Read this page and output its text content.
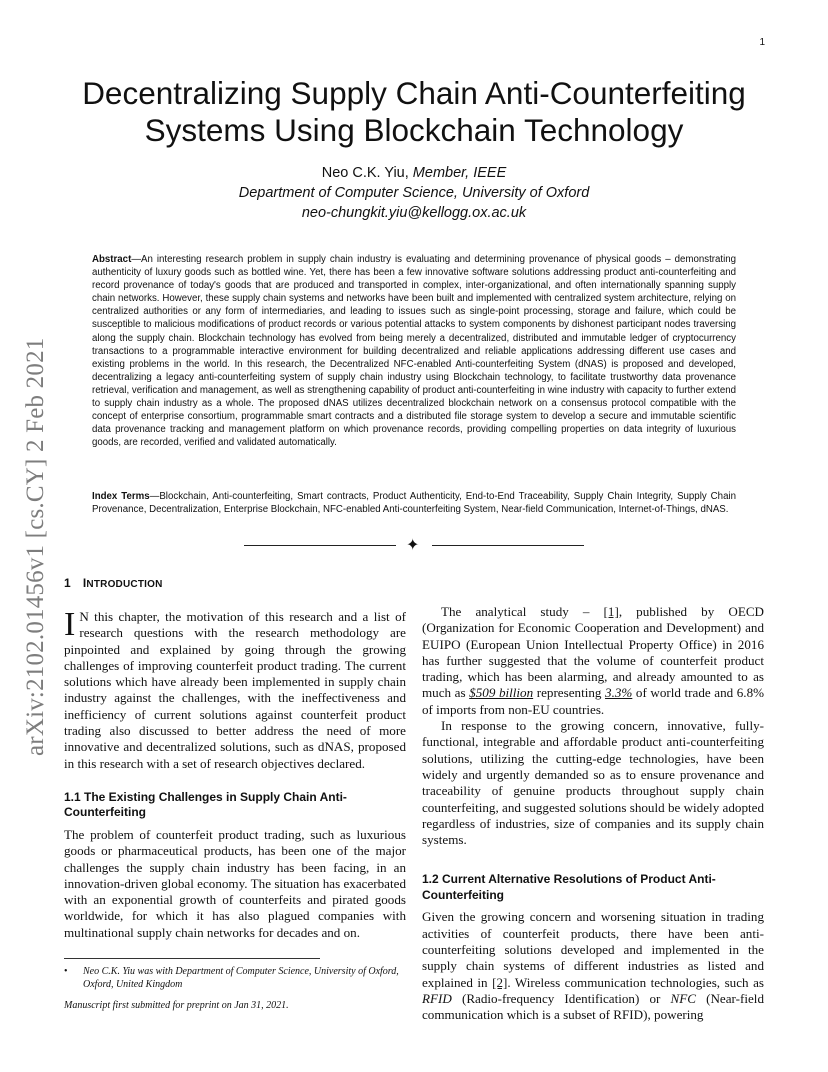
1
arXiv:2102.01456v1 [cs.CY] 2 Feb 2021
Decentralizing Supply Chain Anti-Counterfeiting
Systems Using Blockchain Technology
Neo C.K. Yiu, Member, IEEE
Department of Computer Science, University of Oxford
neo-chungkit.yiu@kellogg.ox.ac.uk
Abstract—An interesting research problem in supply chain industry is evaluating and determining provenance of physical goods – demonstrating authenticity of luxury goods such as bottled wine. Yet, there has been a few innovative software solutions addressing product anti-counterfeiting and record provenance of today's goods that are produced and transported in complex, inter-organizational, and often internationally spanning supply chain networks. However, these supply chain systems and networks have been built and implemented with centralized system architecture, relying on centralized authorities or any form of intermediaries, and leading to issues such as single-point processing, storage and failure, which could be susceptible to malicious modifications of product records or various potential attacks to system components by dishonest participant nodes traversing along the supply chain. Blockchain technology has evolved from being merely a decentralized, distributed and immutable ledger of cryptocurrency transactions to a programmable interactive environment for building decentralized and reliable applications addressing different use cases and existing problems in the world. In this research, the Decentralized NFC-enabled Anti-counterfeiting System (dNAS) is proposed and developed, decentralizing a legacy anti-counterfeiting system of supply chain industry using Blockchain technology, to facilitate trustworthy data provenance retrieval, verification and management, as well as strengthening capability of product anti-counterfeiting in wine industry with capacity to further extend to supply chain industry as a whole. The proposed dNAS utilizes decentralized blockchain network on a consensus protocol compatible with the concept of enterprise consortium, programmable smart contracts and a distributed file storage system to develop a secure and immutable scientific data provenance tracking and management platform on which provenance records, providing compelling properties on data integrity of luxurious goods, are recorded, verified and validated automatically.
Index Terms—Blockchain, Anti-counterfeiting, Smart contracts, Product Authenticity, End-to-End Traceability, Supply Chain Integrity, Supply Chain Provenance, Decentralization, Enterprise Blockchain, NFC-enabled Anti-counterfeiting System, Near-field Communication, Internet-of-Things, dNAS.
✦
1 INTRODUCTION

I N this chapter, the motivation of this research and a list of research questions with the research methodology are pinpointed and explained by going through the growing challenges of improving counterfeit product trading. The current solutions which have already been implemented in supply chain industry against the challenges, with the ineffectiveness and inefficiency of current solutions against counterfeit product trading also discussed to better address the need of more innovative and decentralized solutions, such as dNAS, proposed in this research with a set of research objectives declared.

1.1 The Existing Challenges in Supply Chain Anti-Counterfeiting

The problem of counterfeit product trading, such as luxurious goods or pharmaceutical products, has been one of the major challenges the supply chain industry has been facing, in an innovation-driven global economy. The situation has exacerbated with an exponential growth of counterfeits and pirated goods worldwide, for which it has also plagued companies with multinational supply chain networks for decades and on.

The analytical study – [1], published by OECD (Organization for Economic Cooperation and Development) and EUIPO (European Union Intellectual Property Office) in 2016 has further suggested that the volume of counterfeit product trading, which has been alarming, and already amounted to as much as $509 billion representing 3.3% of world trade and 6.8% of imports from non-EU countries.

In response to the growing concern, innovative, fully-functional, integrable and affordable product anti-counterfeiting solutions, utilizing the cutting-edge technologies, have been widely and urgently demanded so as to ensure provenance and traceability of genuine products throughout supply chain counterfeiting, and suggested solutions should be widely adopted regardless of industries, size of companies and its supply chain systems.

1.2 Current Alternative Resolutions of Product Anti-Counterfeiting

Given the growing concern and worsening situation in trading activities of counterfeit products, there have been anti-counterfeiting solutions developed and implemented in the supply chain systems of different industries as listed and explained in [2]. Wireless communication technologies, such as RFID (Radio-frequency Identification) or NFC (Near-field communication which is a subset of RFID), powering

•	Neo C.K. Yiu was with Department of Computer Science, University of Oxford, Oxford, United Kingdom
Manuscript first submitted for preprint on Jan 31, 2021.
